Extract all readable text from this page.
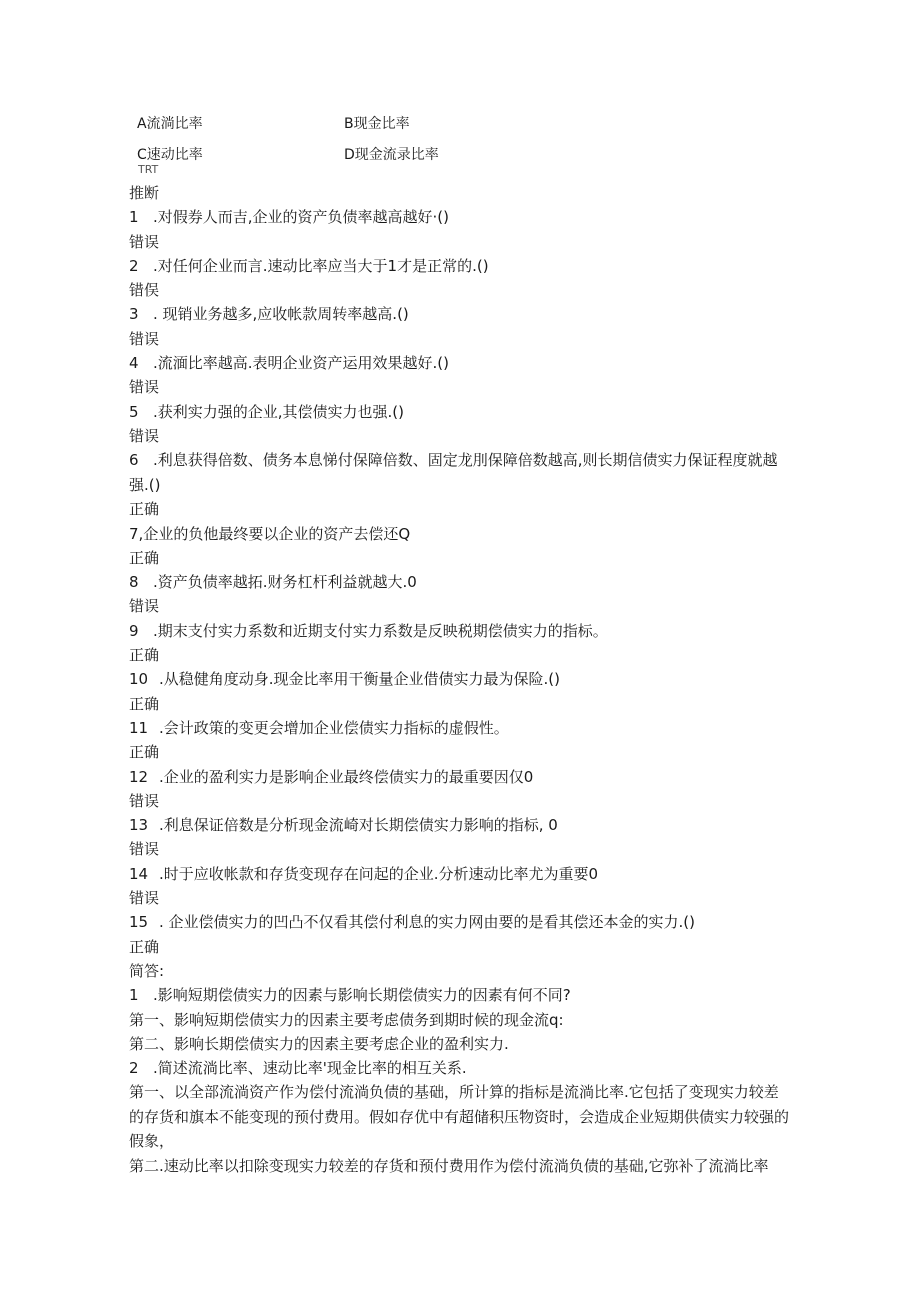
A流淌比率	B现金比率
C速动比率	D现金流录比率
TRT
推断
1 .对假券人而吉,企业的资产负债率越高越好·()
错误
2 .对任何企业而言.速动比率应当大于1才是正常的.()
错俣
3 . 现销业务越多,应收帐款周转率越高.()
错误
4 .流湎比率越高.表明企业资产运用效果越好.()
错误
5 .获利实力强的企业,其偿债实力也强.()
错误
6 .利息获得倍数、债务本息悌付保障倍数、固定龙刖保障倍数越高,则长期信债实力保证程度就越强.()
正确
7,企业的负他最终要以企业的资产去偿还Q
正确
8 .资产负债率越拓.财务杠杆利益就越大.0
错误
9 .期末支付实力系数和近期支付实力系数是反映税期偿债实力的指标。
正确
10 .从稳健角度动身.现金比率用干衡量企业借债实力最为保险.()
正确
11 .会计政策的变更会增加企业偿债实力指标的虚假性。
正确
12 .企业的盈利实力是影响企业最终偿债实力的最重要因仅0
错误
13 .利息保证倍数是分析现金流崎对长期偿债实力影响的指标, 0
错误
14 .时于应收帐款和存货变现存在问起的企业.分析速动比率尤为重要0
错误
15 . 企业偿债实力的凹凸不仅看其偿付利息的实力网由要的是看其偿还本金的实力.()
正确
简答:
1 .影响短期偿债实力的因素与影响长期偿债实力的因素有何不同?
第一、影响短期偿债实力的因素主要考虑债务到期时候的现金流q:
第二、影响长期偿债实力的因素主要考虑企业的盈利实力.
2 .简述流淌比率、速动比率'现金比率的相互关系.
第一、以全部流淌资产作为偿付流淌负债的基础，所计算的指标是流淌比率.它包括了变现实力较差的存货和旗本不能变现的预付费用。假如存优中有超储积压物资时，会造成企业短期供债实力较强的假象，
第二.速动比率以扣除变现实力较差的存货和预付费用作为偿付流淌负债的基础,它弥补了流淌比率
